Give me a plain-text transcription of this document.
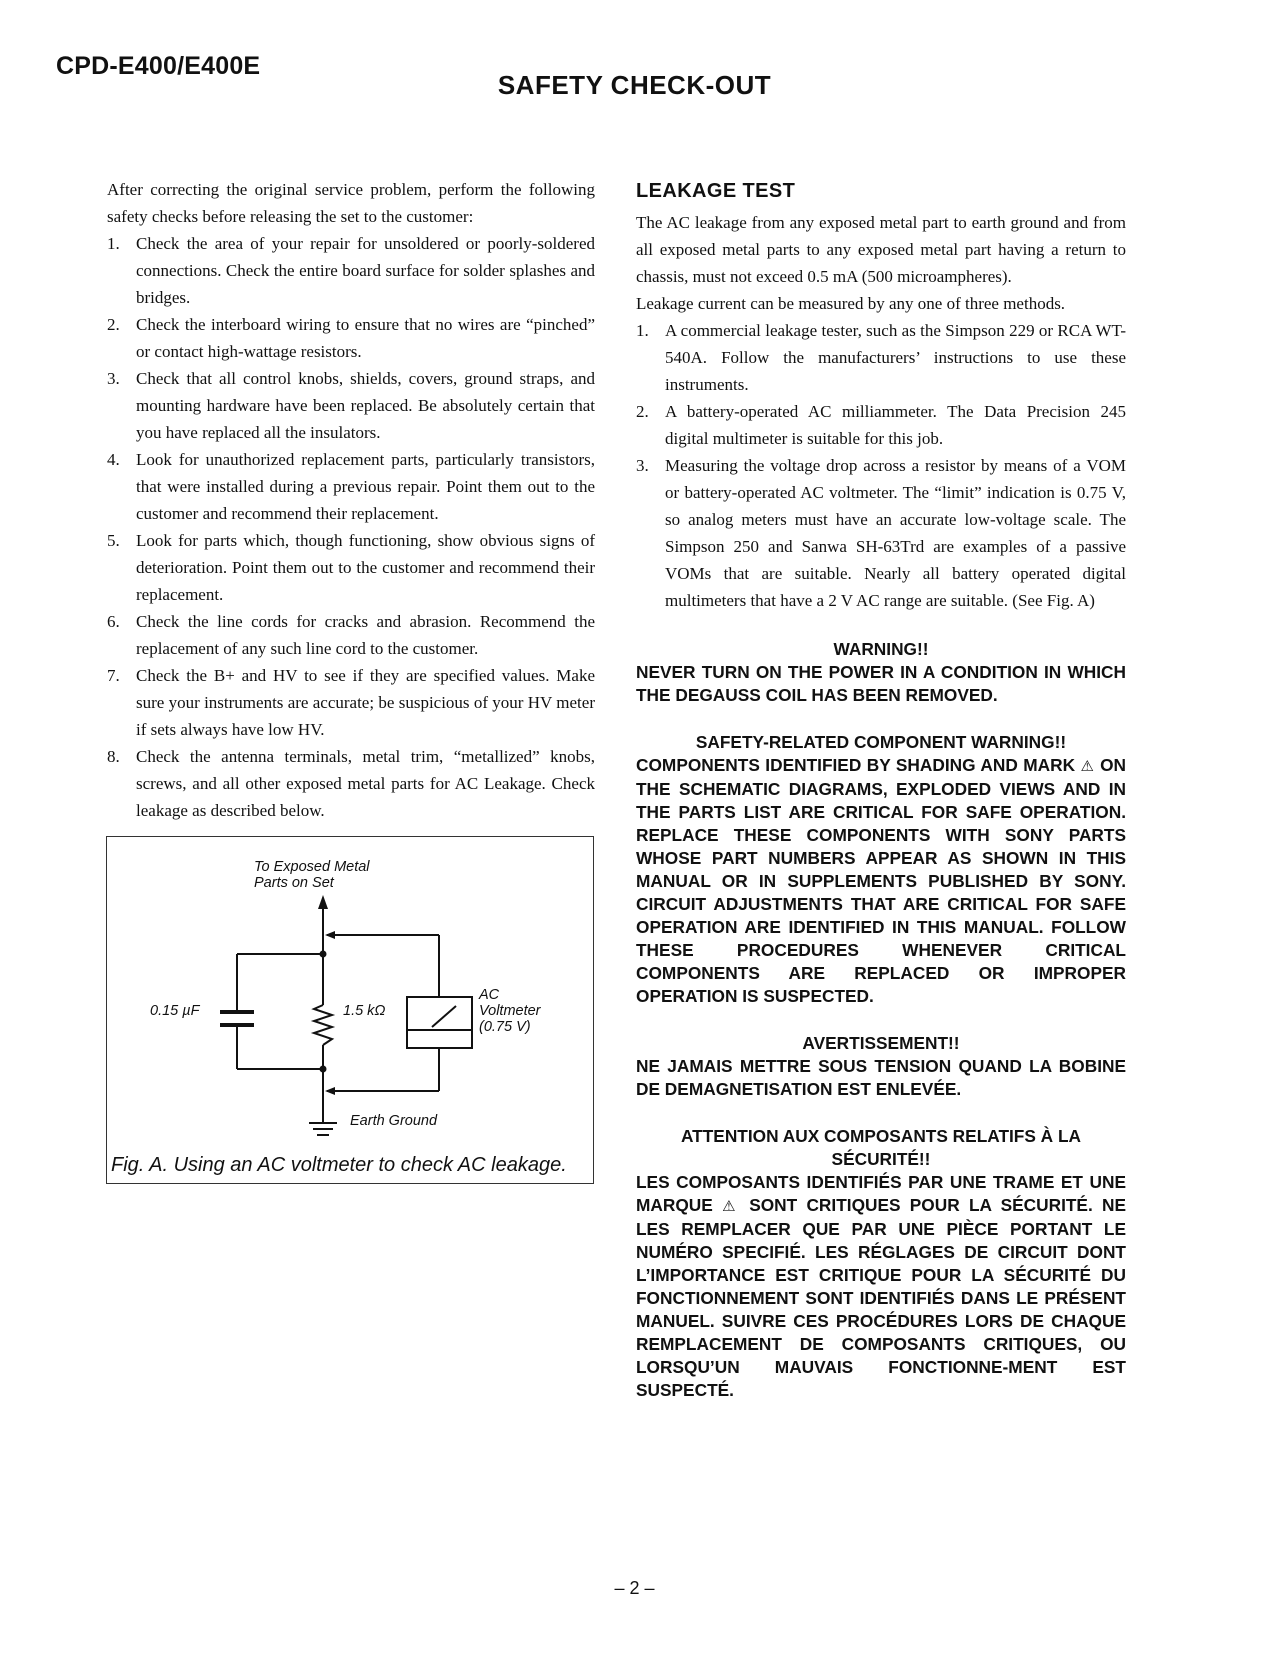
CPD-E400/E400E
SAFETY CHECK-OUT

After correcting the original service problem, perform the following safety checks before releasing the set to the customer:

1. Check the area of your repair for unsoldered or poorly-soldered connections. Check the entire board surface for solder splashes and bridges.
2. Check the interboard wiring to ensure that no wires are “pinched” or contact high-wattage resistors.
3. Check that all control knobs, shields, covers, ground straps, and mounting hardware have been replaced. Be absolutely certain that you have replaced all the insulators.
4. Look for unauthorized replacement parts, particularly transistors, that were installed during a previous repair. Point them out to the customer and recommend their replacement.
5. Look for parts which, though functioning, show obvious signs of deterioration. Point them out to the customer and recommend their replacement.
6. Check the line cords for cracks and abrasion. Recommend the replacement of any such line cord to the customer.
7. Check the B+ and HV to see if they are specified values. Make sure your instruments are accurate; be suspicious of your HV meter if sets always have low HV.
8. Check the antenna terminals, metal trim, “metallized” knobs, screws, and all other exposed metal parts for AC Leakage. Check leakage as described below.
To Exposed Metal
Parts on Set
0.15 µF	1.5 kΩ
AC
Voltmeter
(0.75 V)
Earth Ground
Fig. A. Using an AC voltmeter to check AC leakage.
LEAKAGE TEST

The AC leakage from any exposed metal part to earth ground and from all exposed metal parts to any exposed metal part having a return to chassis, must not exceed 0.5 mA (500 microampheres).

Leakage current can be measured by any one of three methods.

1. A commercial leakage tester, such as the Simpson 229 or RCA WT-540A. Follow the manufacturers’ instructions to use these instruments.
2. A battery-operated AC milliammeter. The Data Precision 245 digital multimeter is suitable for this job.
3. Measuring the voltage drop across a resistor by means of a VOM or battery-operated AC voltmeter. The “limit” indication is 0.75 V, so analog meters must have an accurate low-voltage scale. The Simpson 250 and Sanwa SH-63Trd are examples of a passive VOMs that are suitable. Nearly all battery operated digital multimeters that have a 2 V AC range are suitable. (See Fig. A)

WARNING!!

NEVER TURN ON THE POWER IN A CONDITION IN WHICH THE DEGAUSS COIL HAS BEEN REMOVED.

SAFETY-RELATED COMPONENT WARNING!!

COMPONENTS IDENTIFIED BY SHADING AND MARK ⚠ ON THE SCHEMATIC DIAGRAMS, EXPLODED VIEWS AND IN THE PARTS LIST ARE CRITICAL FOR SAFE OPERATION. REPLACE THESE COMPONENTS WITH SONY PARTS WHOSE PART NUMBERS APPEAR AS SHOWN IN THIS MANUAL OR IN SUPPLEMENTS PUBLISHED BY SONY. CIRCUIT ADJUSTMENTS THAT ARE CRITICAL FOR SAFE OPERATION ARE IDENTIFIED IN THIS MANUAL. FOLLOW THESE PROCEDURES WHENEVER CRITICAL COMPONENTS ARE REPLACED OR IMPROPER OPERATION IS SUSPECTED.

AVERTISSEMENT!!

NE JAMAIS METTRE SOUS TENSION QUAND LA BOBINE DE DEMAGNETISATION EST ENLEVÉE.

ATTENTION AUX COMPOSANTS RELATIFS À LA SÉCURITÉ!!

LES COMPOSANTS IDENTIFIÉS PAR UNE TRAME ET UNE MARQUE ⚠ SONT CRITIQUES POUR LA SÉCURITÉ. NE LES REMPLACER QUE PAR UNE PIÈCE PORTANT LE NUMÉRO SPECIFIÉ. LES RÉGLAGES DE CIRCUIT DONT L’IMPORTANCE EST CRITIQUE POUR LA SÉCURITÉ DU FONCTIONNEMENT SONT IDENTIFIÉS DANS LE PRÉSENT MANUEL. SUIVRE CES PROCÉDURES LORS DE CHAQUE REMPLACEMENT DE COMPOSANTS CRITIQUES, OU LORSQU’UN MAUVAIS FONCTIONNE-MENT EST SUSPECTÉ.

– 2 –
